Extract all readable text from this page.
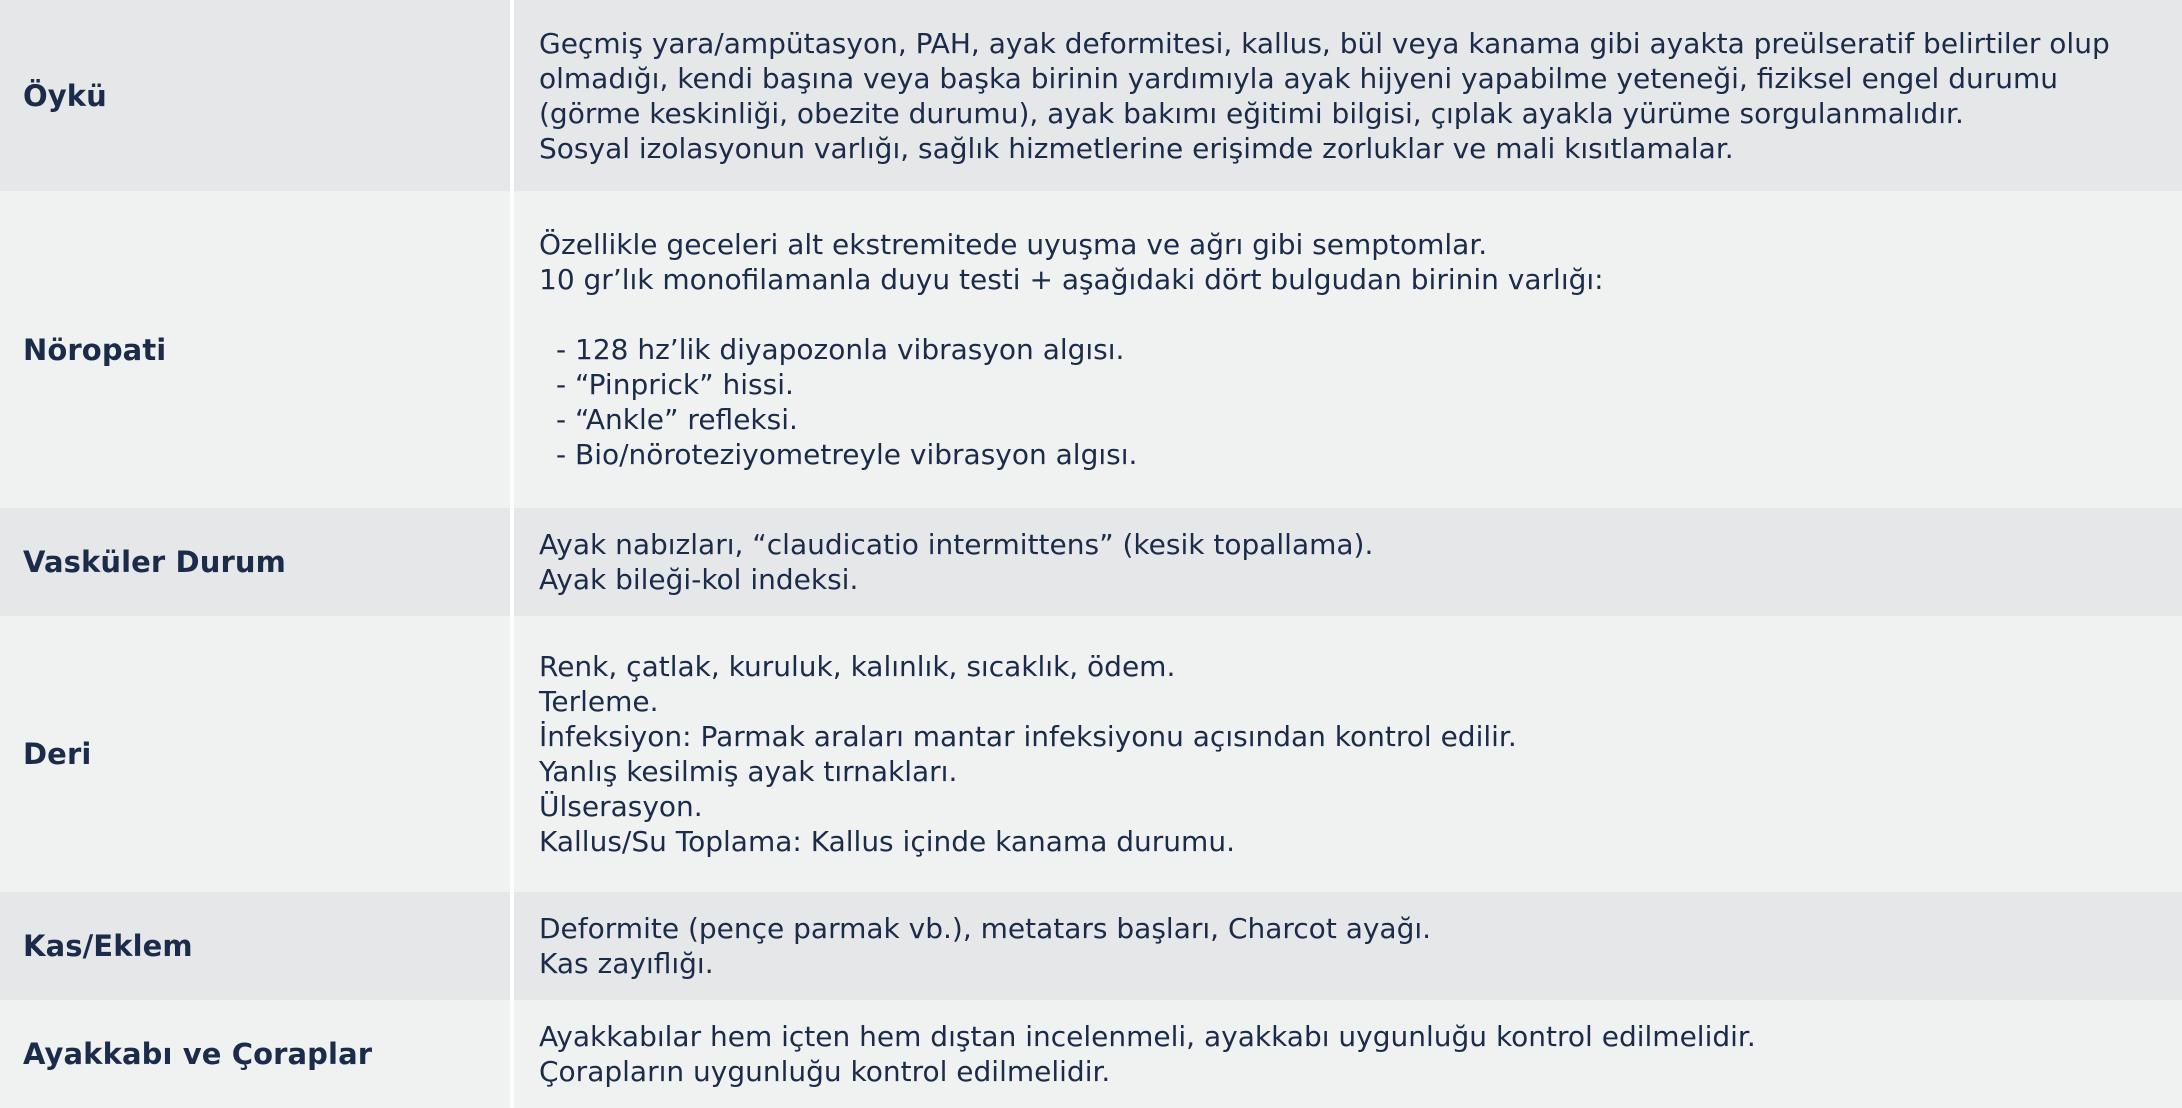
Öykü
Geçmiş yara/ampütasyon, PAH, ayak deformitesi, kallus, bül veya kanama gibi ayakta preülseratif belirtiler olup
olmadığı, kendi başına veya başka birinin yardımıyla ayak hijyeni yapabilme yeteneği, fiziksel engel durumu
(görme keskinliği, obezite durumu), ayak bakımı eğitimi bilgisi, çıplak ayakla yürüme sorgulanmalıdır.
Sosyal izolasyonun varlığı, sağlık hizmetlerine erişimde zorluklar ve mali kısıtlamalar.
Nöropati
Özellikle geceleri alt ekstremitede uyuşma ve ağrı gibi semptomlar.
10 gr’lık monofilamanla duyu testi + aşağıdaki dört bulgudan birinin varlığı:
- 128 hz’lik diyapozonla vibrasyon algısı.
- “Pinprick” hissi.
- “Ankle” refleksi.
- Bio/nöroteziyometreyle vibrasyon algısı.
Vasküler Durum
Ayak nabızları, “claudicatio intermittens” (kesik topallama).
Ayak bileği-kol indeksi.
Deri
Renk, çatlak, kuruluk, kalınlık, sıcaklık, ödem.
Terleme.
İnfeksiyon: Parmak araları mantar infeksiyonu açısından kontrol edilir.
Yanlış kesilmiş ayak tırnakları.
Ülserasyon.
Kallus/Su Toplama: Kallus içinde kanama durumu.
Kas/Eklem
Deformite (pençe parmak vb.), metatars başları, Charcot ayağı.
Kas zayıflığı.
Ayakkabı ve Çoraplar
Ayakkabılar hem içten hem dıştan incelenmeli, ayakkabı uygunluğu kontrol edilmelidir.
Çorapların uygunluğu kontrol edilmelidir.
